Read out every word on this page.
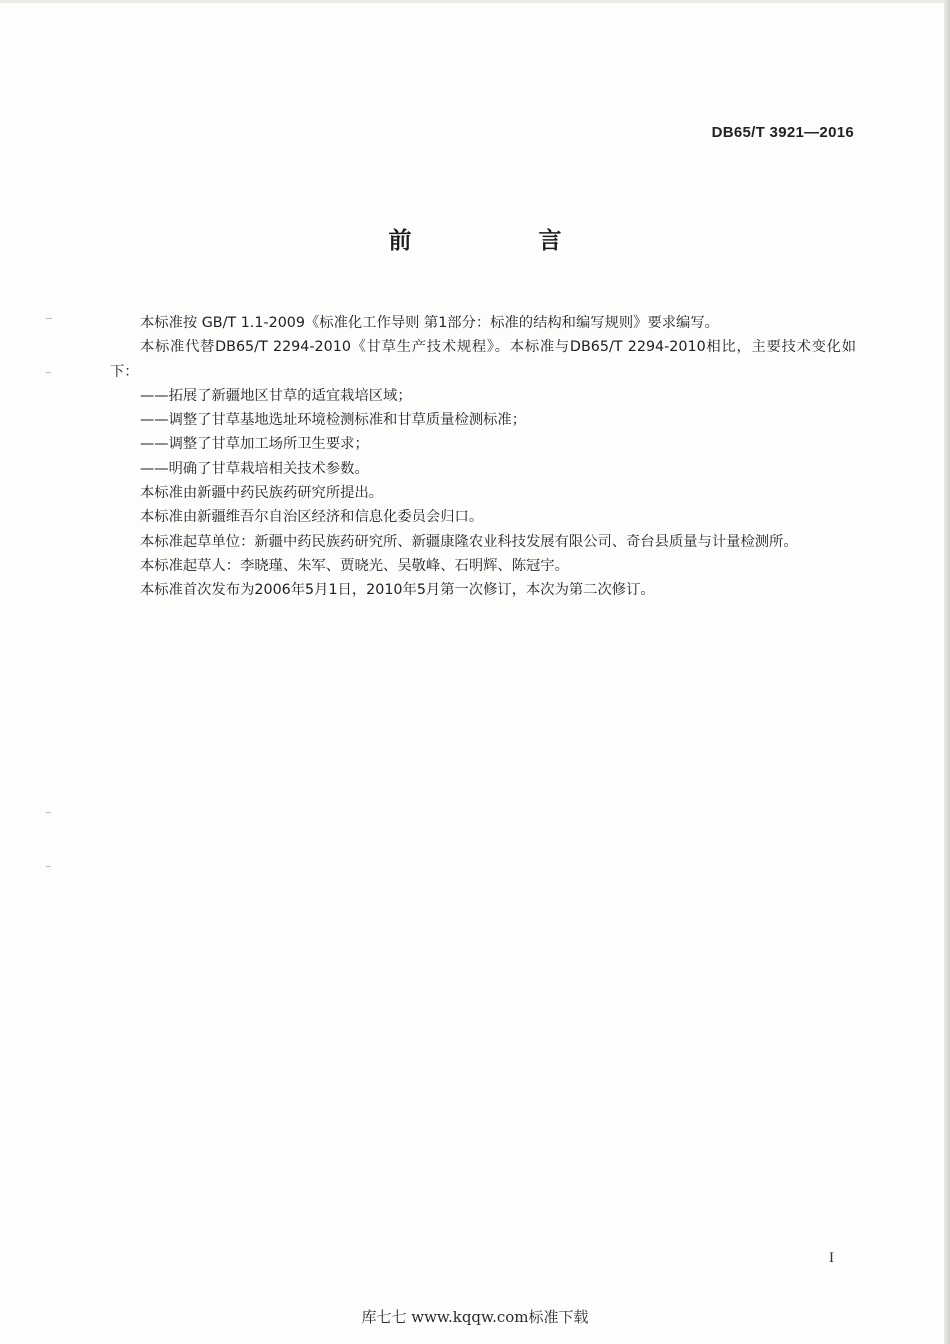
DB65/T 3921—2016
前　言

本标准按 GB/T 1.1-2009《标准化工作导则 第1部分：标准的结构和编写规则》要求编写。

本标准代替DB65/T 2294-2010《甘草生产技术规程》。本标准与DB65/T 2294-2010相比，主要技术变化如下：

——拓展了新疆地区甘草的适宜栽培区域；

——调整了甘草基地选址环境检测标准和甘草质量检测标准；

——调整了甘草加工场所卫生要求；

——明确了甘草栽培相关技术参数。

本标准由新疆中药民族药研究所提出。

本标准由新疆维吾尔自治区经济和信息化委员会归口。

本标准起草单位：新疆中药民族药研究所、新疆康隆农业科技发展有限公司、奇台县质量与计量检测所。

本标准起草人：李晓瑾、朱军、贾晓光、吴敬峰、石明辉、陈冠宇。

本标准首次发布为2006年5月1日，2010年5月第一次修订，本次为第二次修订。

I
库七七 www.kqqw.com标准下载
